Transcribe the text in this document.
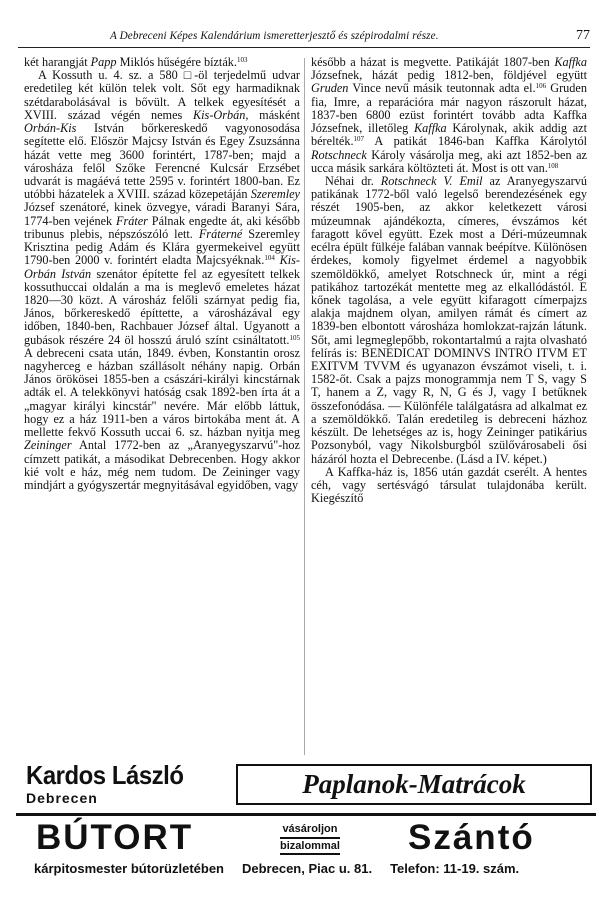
A Debreceni Képes Kalendárium ismeretterjesztő és szépirodalmi része.	77

két harangját Papp Miklós hűségére bízták.$^{103}$

A Kossuth u. 4. sz. a 580 □-öl terjedelmű udvar eredetileg két külön telek volt. Sőt egy harmadiknak szétdarabolásával is bővült. A telkek egyesítését a XVIII. század végén nemes Kis-Orbán, másként Orbán-Kis István bőrkereskedő vagyonosodása segítette elő. Először Majcsy István és Egey Zsuzsánna házát vette meg 3600 forintért, 1787-ben; majd a városháza felől Szőke Ferencné Kulcsár Erzsébet udvarát is magáévá tette 2595 v. forintért 1800-ban. Ez utóbbi házatelek a XVIII. század közepetáján Szeremley József szenátoré, kinek özvegye, váradi Baranyi Sára, 1774-ben vejének Fráter Pálnak engedte át, aki később tribunus plebis, népszószóló lett. Fráterné Szeremley Krisztina pedig Adám és Klára gyermekeivel együtt 1790-ben 2000 v. forintért eladta Majcsyéknak.$^{104}$ Kis-Orbán István szenátor építette fel az egyesített telkek kossuthuccai oldalán a ma is meglevő emeletes házat 1820—30 közt. A városház felőli szárnyat pedig fia, János, bőrkereskedő építtette, a városházával egy időben, 1840-ben, Rachbauer József által. Ugyanott a gubások részére 24 öl hosszú áruló színt csináltatott.$^{105}$ A debreceni csata után, 1849. évben, Konstantin orosz nagyherceg e házban szállásolt néhány napig. Orbán János örökösei 1855-ben a császári-királyi kincstárnak adták el. A telekkönyvi hatóság csak 1892-ben írta át a „magyar királyi kincstár" nevére. Már előbb láttuk, hogy ez a ház 1911-ben a város birtokába ment át. A mellette fekvő Kossuth uccai 6. sz. házban nyitja meg Zeininger Antal 1772-ben az „Aranyegyszarvú"-hoz címzett patikát, a másodikat Debrecenben. Hogy akkor kié volt e ház, még nem tudom. De Zeininger vagy mindjárt a gyógyszertár megnyitásával egyidőben, vagy

később a házat is megvette. Patikáját 1807-ben Kaffka Józsefnek, házát pedig 1812-ben, földjével együtt Gruden Vince nevű másik teutonnak adta el.$^{106}$ Gruden fia, Imre, a reparációra már nagyon rászorult házat, 1837-ben 6800 ezüst forintért tovább adta Kaffka Józsefnek, illetőleg Kaffka Károlynak, akik addig azt bérelték.$^{107}$ A patikát 1846-ban Kaffka Károlytól Rotschneck Károly vásárolja meg, aki azt 1852-ben az ucca másik sarkára költözteti át. Most is ott van.$^{108}$

Néhai dr. Rotschneck V. Emil az Aranyegyszarvú patikának 1772-ből való legelső berendezésének egy részét 1905-ben, az akkor keletkezett városi múzeumnak ajándékozta, címeres, évszámos két faragott kővel együtt. Ezek most a Déri-múzeumnak ecélra épült fülkéje falában vannak beépítve. Különösen érdekes, komoly figyelmet érdemel a nagyobbik szemöldökkő, amelyet Rotschneck úr, mint a régi patikához tartozékát mentette meg az elkallódástól. E kőnek tagolása, a vele együtt kifaragott címerpajzs alakja majdnem olyan, amilyen rámát és címert az 1839-ben elbontott városháza homlokzat-rajzán látunk. Sőt, ami legmeglepőbb, rokontartalmú a rajta olvasható felírás is: BENEDICAT DOMINVS INTRO ITVM ET EXITVM TVVM és ugyanazon évszámot viseli, t. i. 1582-őt. Csak a pajzs monogrammja nem T S, vagy S T, hanem a Z, vagy R, N, G és J, vagy I betűknek összefonódása. — Különféle találgatásra ad alkalmat ez a szemöldökkő. Talán eredetileg is debreceni házhoz készült. De lehetséges az is, hogy Zeininger patikárius Pozsonyból, vagy Nikolsburgból szülővárosabeli ősi házáról hozta el Debrecenbe. (Lásd a IV. képet.)

A Kaffka-ház is, 1856 után gazdát cserélt. A hentes céh, vagy sertésvágó társulat tulajdonába került. Kiegészítő

Kardos László
Debrecen	Paplanok-Matrácok
BÚTORT	vásároljon
bizalommal Szántó
kárpitosmester bútorüzletében Debrecen, Piac u. 81. Telefon: 11-19. szám.
